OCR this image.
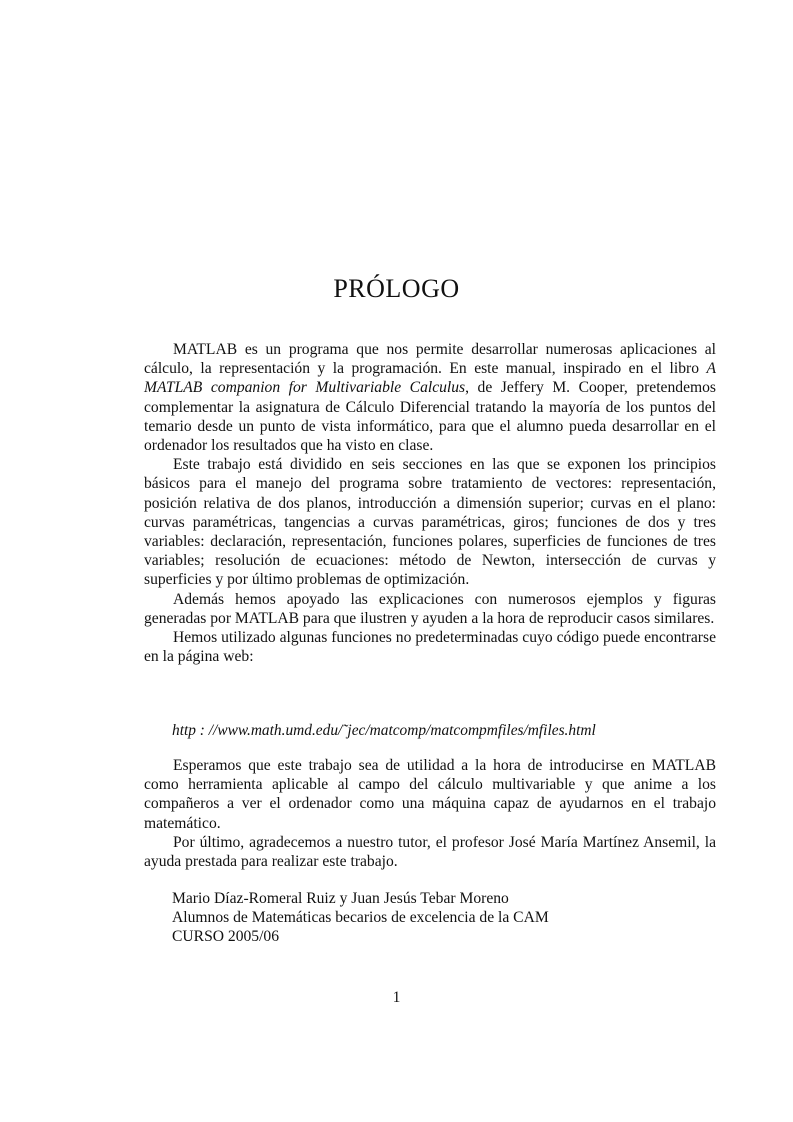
PRÓLOGO

MATLAB es un programa que nos permite desarrollar numerosas aplicaciones al cálculo, la representación y la programación. En este manual, inspirado en el libro A MATLAB companion for Multivariable Calculus, de Jeffery M. Cooper, pretendemos complementar la asignatura de Cálculo Diferencial tratando la mayoría de los puntos del temario desde un punto de vista informático, para que el alumno pueda desarrollar en el ordenador los resultados que ha visto en clase.

Este trabajo está dividido en seis secciones en las que se exponen los principios básicos para el manejo del programa sobre tratamiento de vectores: representación, posición relativa de dos planos, introducción a dimensión superior; curvas en el plano: curvas paramétricas, tangencias a curvas paramétricas, giros; funciones de dos y tres variables: declaración, representación, funciones polares, superficies de funciones de tres variables; resolución de ecuaciones: método de Newton, intersección de curvas y superficies y por último problemas de optimización.

Además hemos apoyado las explicaciones con numerosos ejemplos y figuras generadas por MATLAB para que ilustren y ayuden a la hora de reproducir casos similares.

Hemos utilizado algunas funciones no predeterminadas cuyo código puede encontrarse en la página web:

http : //www.math.umd.edu/˜jec/matcomp/matcompmfiles/mfiles.html

Esperamos que este trabajo sea de utilidad a la hora de introducirse en MATLAB como herramienta aplicable al campo del cálculo multivariable y que anime a los compañeros a ver el ordenador como una máquina capaz de ayudarnos en el trabajo matemático.

Por último, agradecemos a nuestro tutor, el profesor José María Martínez Ansemil, la ayuda prestada para realizar este trabajo.

Mario Díaz-Romeral Ruiz y Juan Jesús Tebar Moreno
Alumnos de Matemáticas becarios de excelencia de la CAM
CURSO 2005/06
1
